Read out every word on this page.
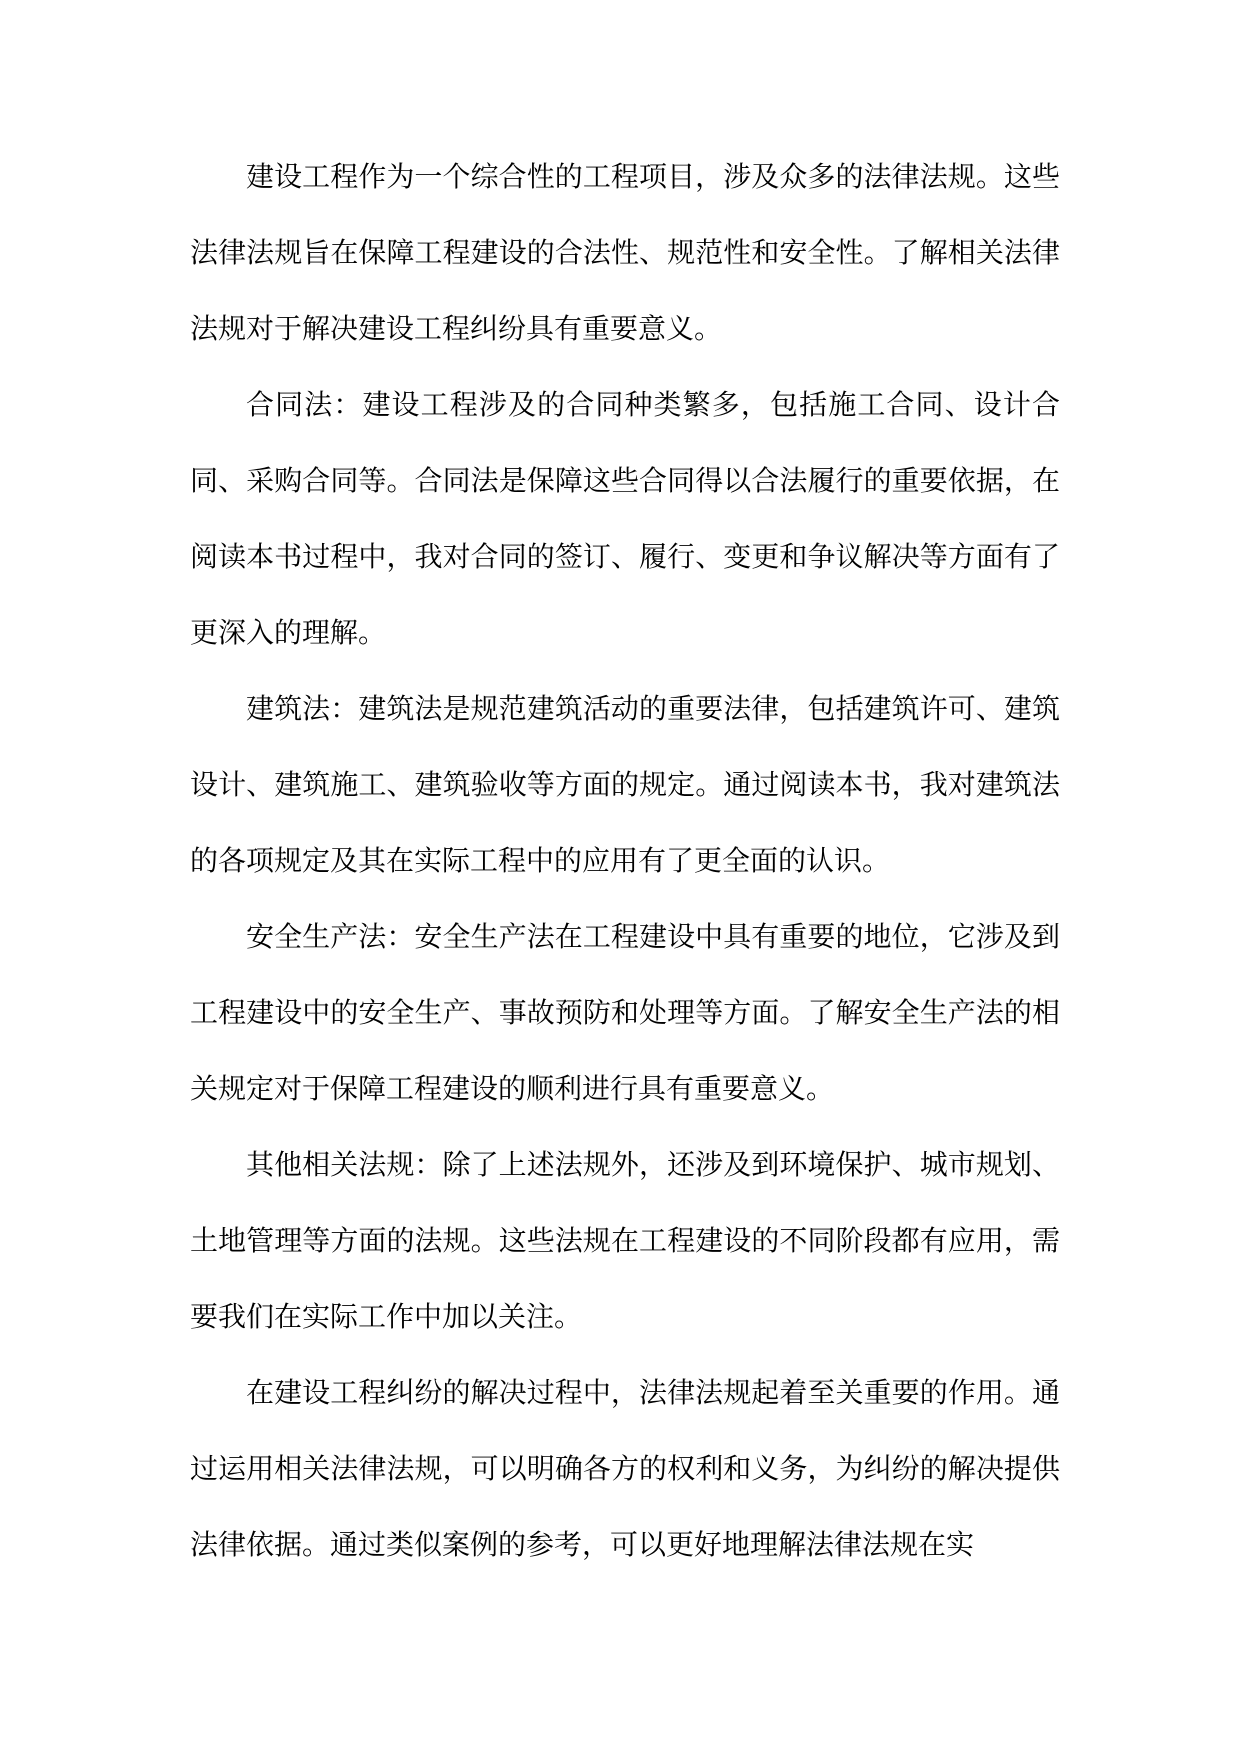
建设工程作为一个综合性的工程项目，涉及众多的法律法规。这些法律法规旨在保障工程建设的合法性、规范性和安全性。了解相关法律法规对于解决建设工程纠纷具有重要意义。

合同法：建设工程涉及的合同种类繁多，包括施工合同、设计合同、采购合同等。合同法是保障这些合同得以合法履行的重要依据，在阅读本书过程中，我对合同的签订、履行、变更和争议解决等方面有了更深入的理解。

建筑法：建筑法是规范建筑活动的重要法律，包括建筑许可、建筑设计、建筑施工、建筑验收等方面的规定。通过阅读本书，我对建筑法的各项规定及其在实际工程中的应用有了更全面的认识。

安全生产法：安全生产法在工程建设中具有重要的地位，它涉及到工程建设中的安全生产、事故预防和处理等方面。了解安全生产法的相关规定对于保障工程建设的顺利进行具有重要意义。

其他相关法规：除了上述法规外，还涉及到环境保护、城市规划、土地管理等方面的法规。这些法规在工程建设的不同阶段都有应用，需要我们在实际工作中加以关注。

在建设工程纠纷的解决过程中，法律法规起着至关重要的作用。通过运用相关法律法规，可以明确各方的权利和义务，为纠纷的解决提供法律依据。通过类似案例的参考，可以更好地理解法律法规在实
